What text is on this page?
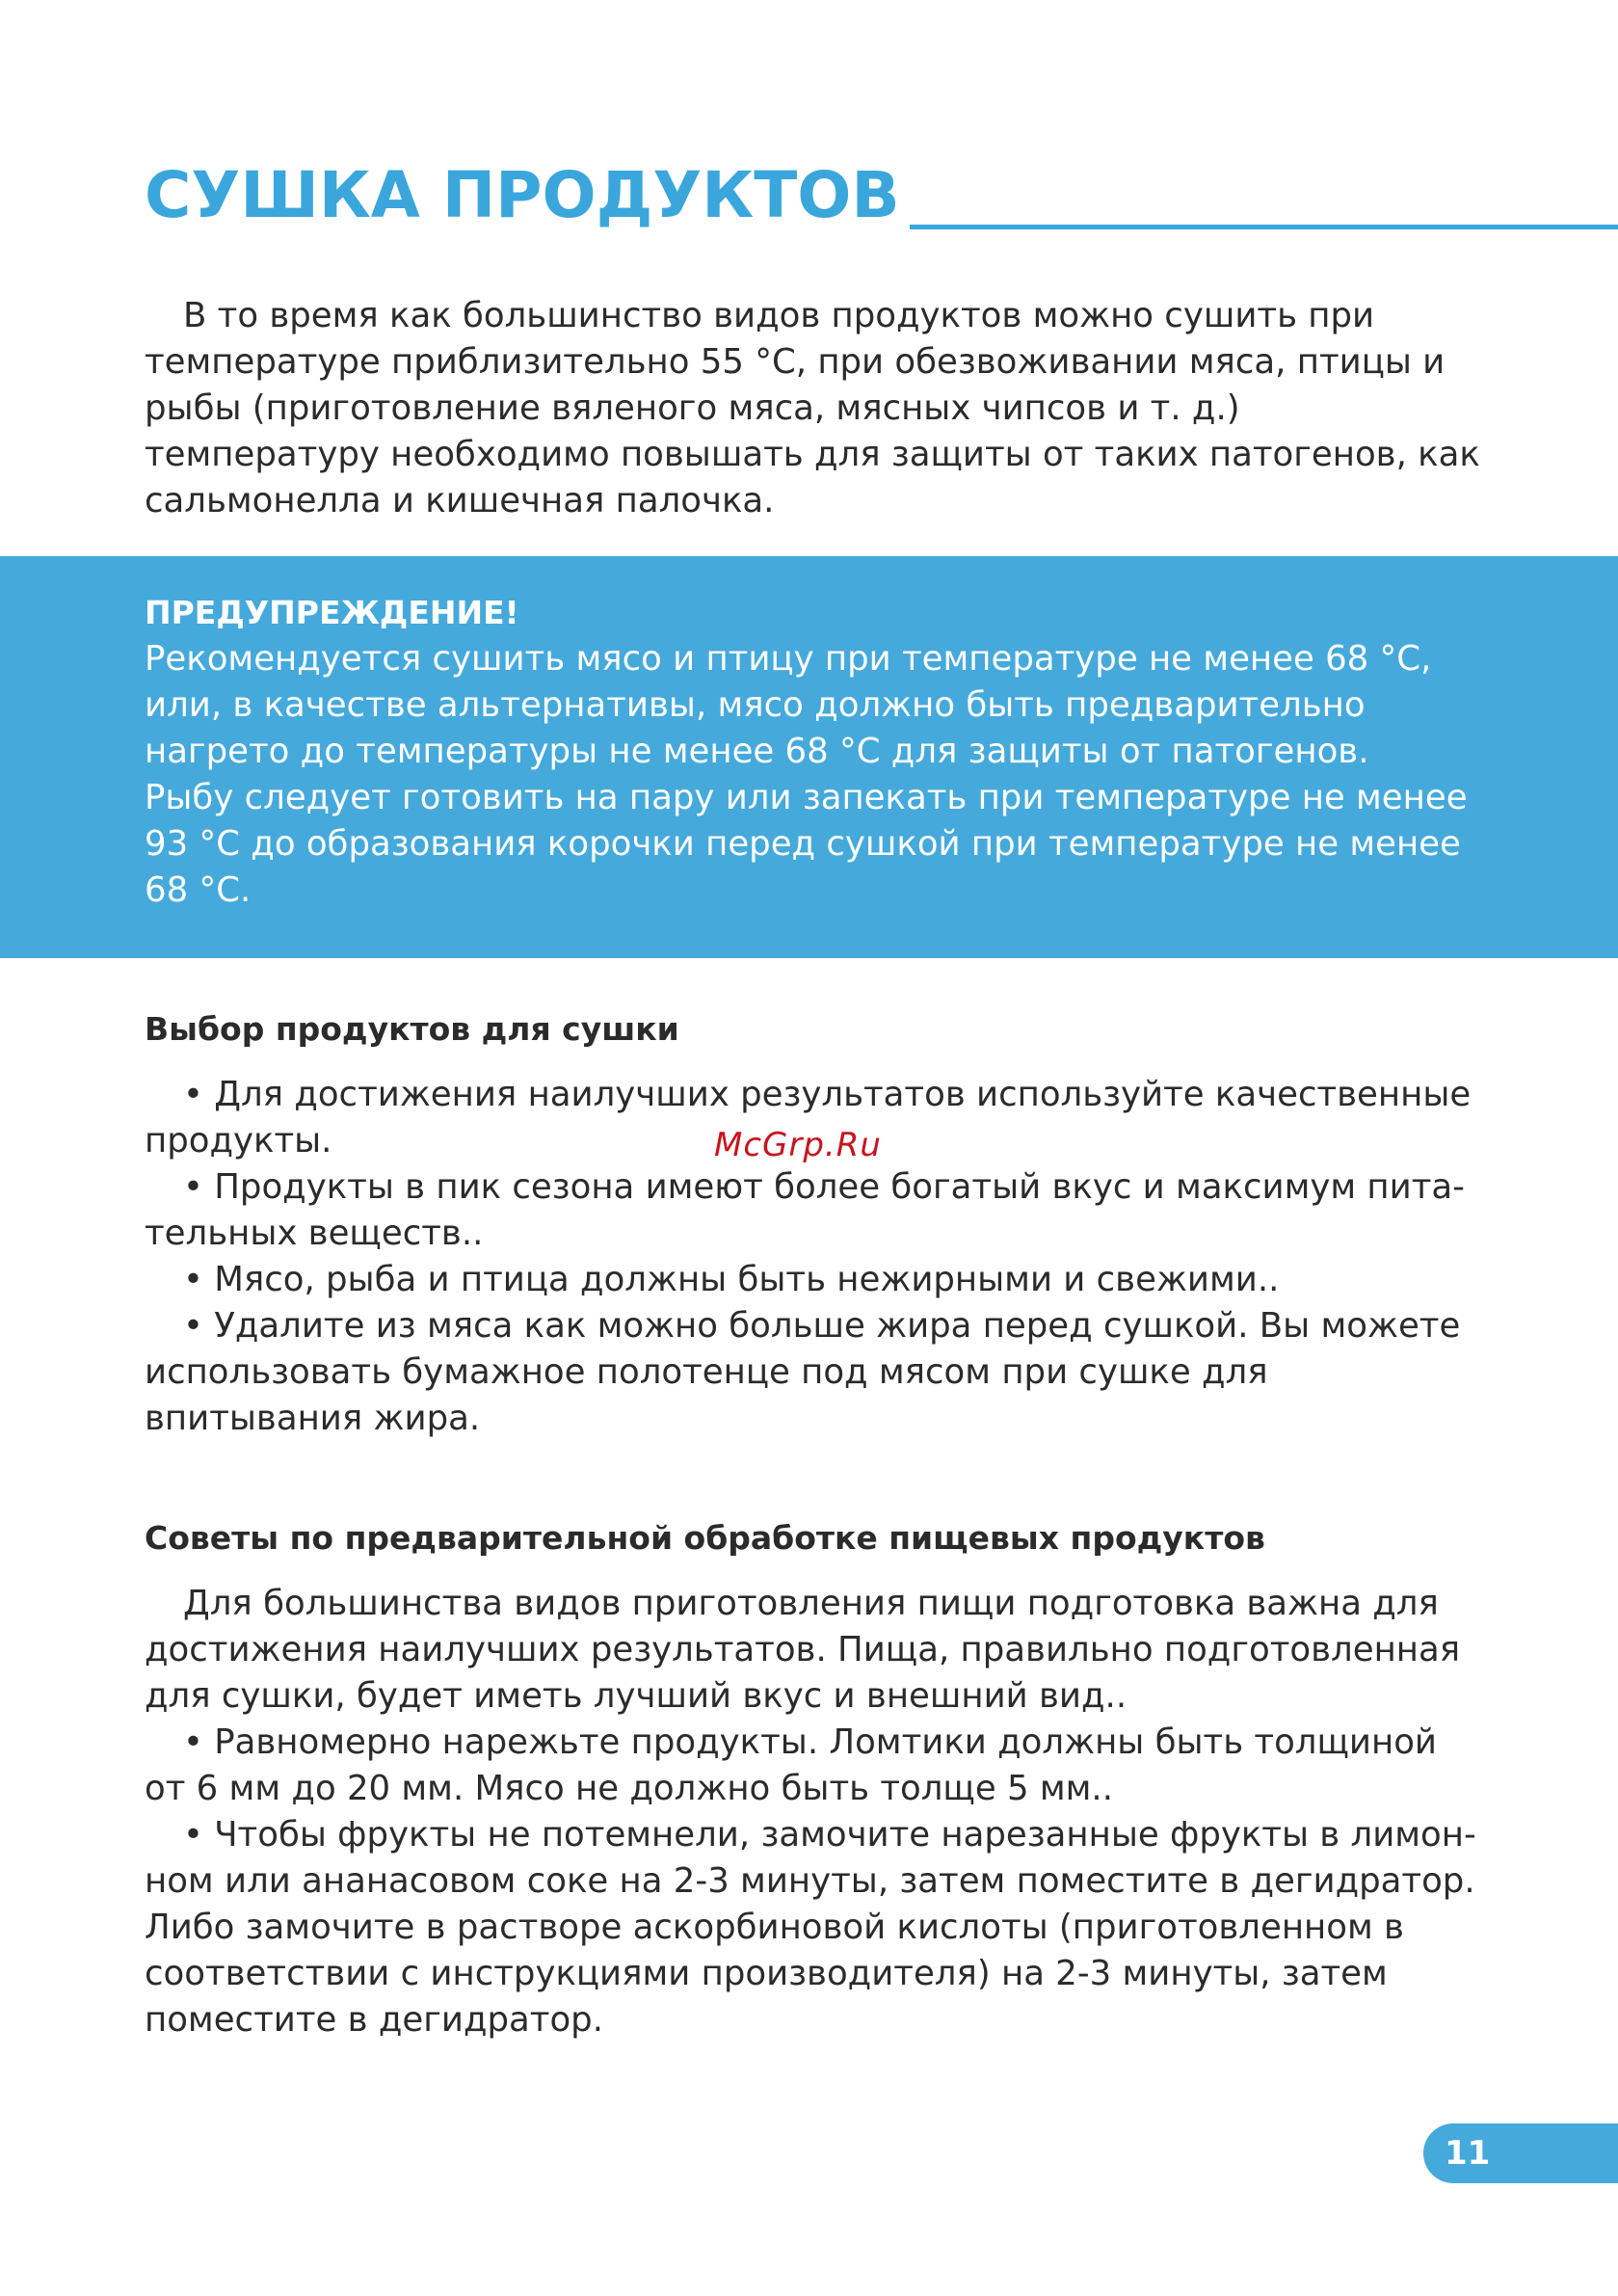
СУШКА ПРОДУКТОВ

В то время как большинство видов продуктов можно сушить при температуре приблизительно 55 °C, при обезвоживании мяса, птицы и рыбы (приготовление вяленого мяса, мясных чипсов и т. д.) температуру необходимо повышать для защиты от таких патогенов, как сальмонелла и кишечная палочка.

ПРЕДУПРЕЖДЕНИЕ!

Рекомендуется сушить мясо и птицу при температуре не менее 68 °C, или, в качестве альтернативы, мясо должно быть предварительно нагрето до температуры не менее 68 °C для защиты от патогенов.

Рыбу следует готовить на пару или запекать при температуре не менее 93 °C до образования корочки перед сушкой при температуре не менее 68 °C.

Выбор продуктов для сушки

• Для достижения наилучших результатов используйте качественные продукты.

• Продукты в пик сезона имеют более богатый вкус и максимум пита-тельных веществ..

• Мясо, рыба и птица должны быть нежирными и свежими..

• Удалите из мяса как можно больше жира перед сушкой. Вы можете использовать бумажное полотенце под мясом при сушке для впитывания жира.

Советы по предварительной обработке пищевых продуктов

Для большинства видов приготовления пищи подготовка важна для достижения наилучших результатов. Пища, правильно подготовленная для сушки, будет иметь лучший вкус и внешний вид..

• Равномерно нарежьте продукты. Ломтики должны быть толщиной от 6 мм до 20 мм. Мясо не должно быть толще 5 мм..

• Чтобы фрукты не потемнели, замочите нарезанные фрукты в лимон-ном или ананасовом соке на 2-3 минуты, затем поместите в дегидратор. Либо замочите в растворе аскорбиновой кислоты (приготовленном в соответствии с инструкциями производителя) на 2-3 минуты, затем поместите в дегидратор.

McGrp.Ru
11
